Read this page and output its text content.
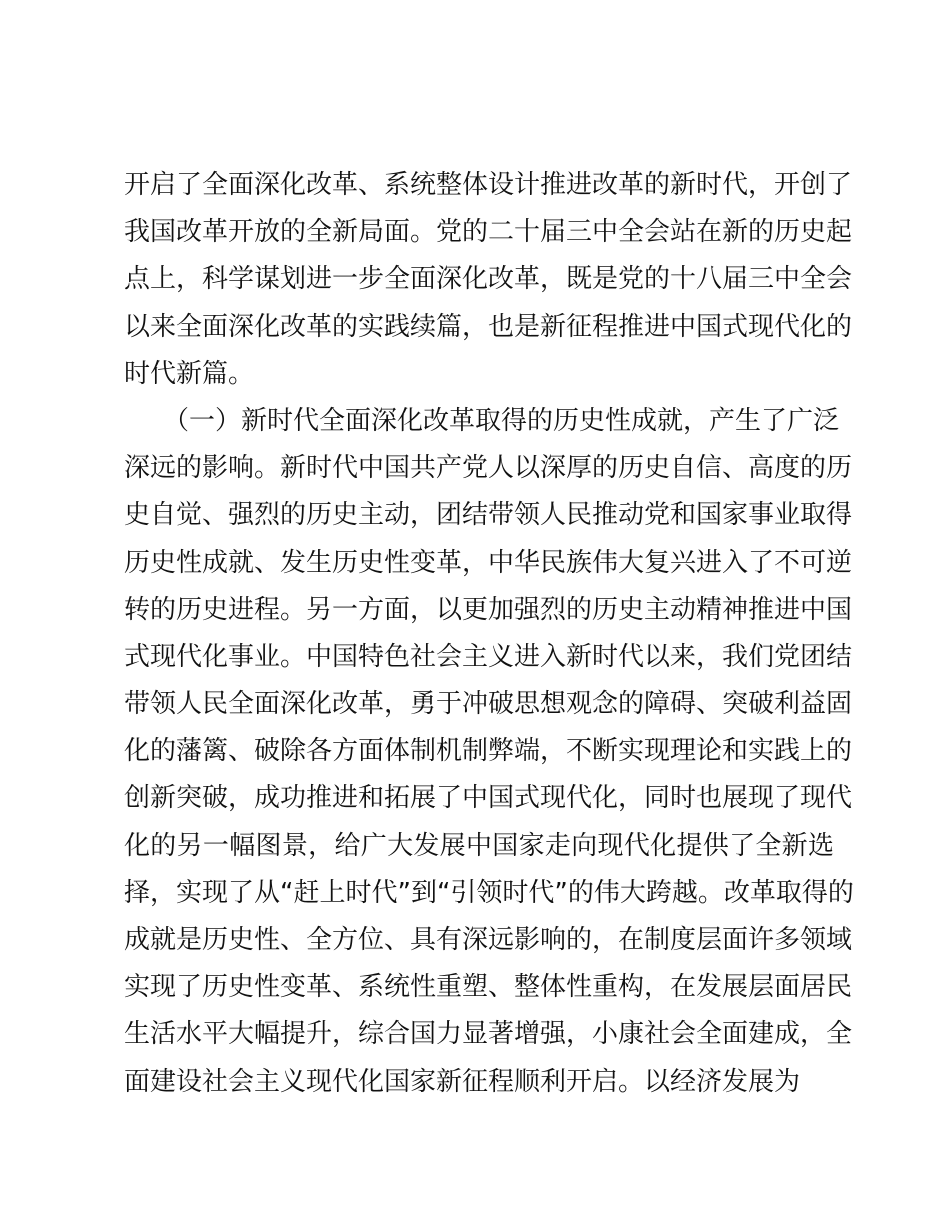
开启了全面深化改革、系统整体设计推进改革的新时代，开创了
我国改革开放的全新局面。党的二十届三中全会站在新的历史起
点上，科学谋划进一步全面深化改革，既是党的十八届三中全会
以来全面深化改革的实践续篇，也是新征程推进中国式现代化的
时代新篇。
　　（一）新时代全面深化改革取得的历史性成就，产生了广泛
深远的影响。新时代中国共产党人以深厚的历史自信、高度的历
史自觉、强烈的历史主动，团结带领人民推动党和国家事业取得
历史性成就、发生历史性变革，中华民族伟大复兴进入了不可逆
转的历史进程。另一方面，以更加强烈的历史主动精神推进中国
式现代化事业。中国特色社会主义进入新时代以来，我们党团结
带领人民全面深化改革，勇于冲破思想观念的障碍、突破利益固
化的藩篱、破除各方面体制机制弊端，不断实现理论和实践上的
创新突破，成功推进和拓展了中国式现代化，同时也展现了现代
化的另一幅图景，给广大发展中国家走向现代化提供了全新选
择，实现了从“赶上时代”到“引领时代”的伟大跨越。改革取得的
成就是历史性、全方位、具有深远影响的，在制度层面许多领域
实现了历史性变革、系统性重塑、整体性重构，在发展层面居民
生活水平大幅提升，综合国力显著增强，小康社会全面建成，全
面建设社会主义现代化国家新征程顺利开启。以经济发展为
